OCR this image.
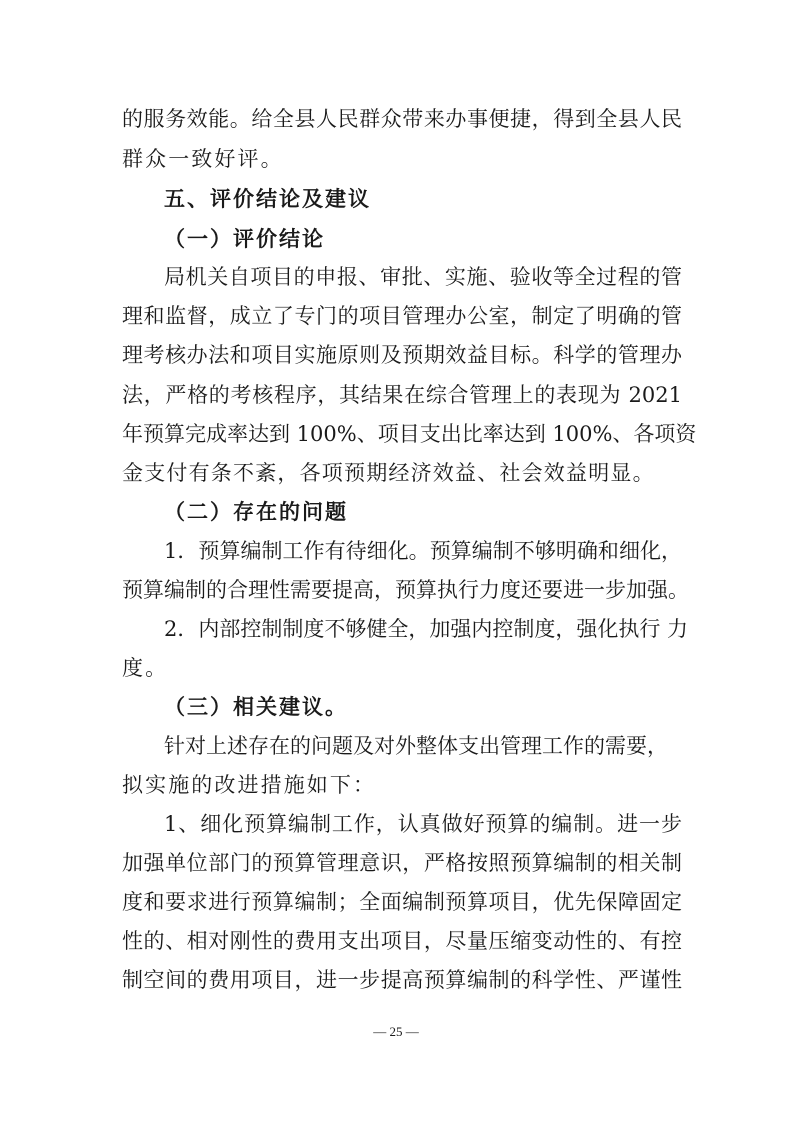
的服务效能。给全县人民群众带来办事便捷，得到全县人民
群众一致好评。
五、评价结论及建议
（一）评价结论
局机关自项目的申报、审批、实施、验收等全过程的管
理和监督，成立了专门的项目管理办公室，制定了明确的管
理考核办法和项目实施原则及预期效益目标。科学的管理办
法，严格的考核程序，其结果在综合管理上的表现为 2021
年预算完成率达到 100%、项目支出比率达到 100%、各项资
金支付有条不紊，各项预期经济效益、社会效益明显。
（二）存在的问题
1．预算编制工作有待细化。预算编制不够明确和细化，
预算编制的合理性需要提高，预算执行力度还要进一步加强。
2．内部控制制度不够健全，加强内控制度，强化执行 力
度。
（三）相关建议。
针对上述存在的问题及对外整体支出管理工作的需要，
拟实施的改进措施如下：
1、细化预算编制工作，认真做好预算的编制。进一步
加强单位部门的预算管理意识，严格按照预算编制的相关制
度和要求进行预算编制；全面编制预算项目，优先保障固定
性的、相对刚性的费用支出项目，尽量压缩变动性的、有控
制空间的费用项目，进一步提高预算编制的科学性、严谨性
— 25 —
